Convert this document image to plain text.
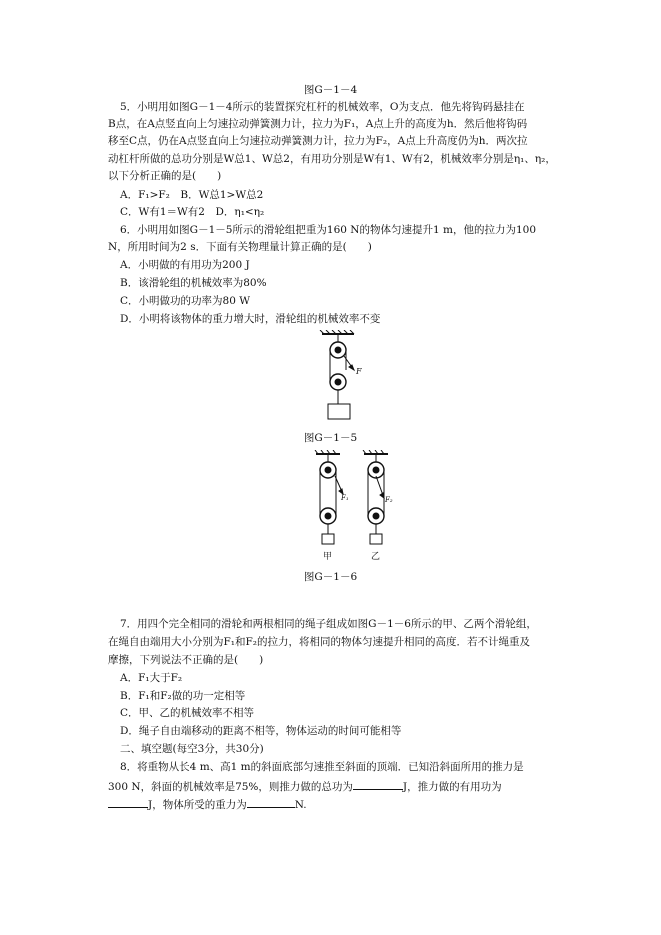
图G－1－4
5．小明用如图G－1－4所示的装置探究杠杆的机械效率，O为支点．他先将钩码悬挂在
B点，在A点竖直向上匀速拉动弹簧测力计，拉力为F₁，A点上升的高度为h．然后他将钩码
移至C点，仍在A点竖直向上匀速拉动弹簧测力计，拉力为F₂，A点上升高度仍为h．两次拉
动杠杆所做的总功分别是W总1、W总2，有用功分别是W有1、W有2，机械效率分别是η₁、η₂，
以下分析正确的是(　　)
A．F₁>F₂　B．W总1>W总2
C．W有1＝W有2　D．η₁<η₂
6．小明用如图G－1－5所示的滑轮组把重为160 N的物体匀速提升1 m，他的拉力为100
N，所用时间为2 s．下面有关物理量计算正确的是(　　)
A．小明做的有用功为200 J
B．该滑轮组的机械效率为80%
C．小明做功的功率为80 W
D．小明将该物体的重力增大时，滑轮组的机械效率不变
F
图G－1－5
F₁	F₂
甲	乙
图G－1－6
7．用四个完全相同的滑轮和两根相同的绳子组成如图G－1－6所示的甲、乙两个滑轮组，
在绳自由端用大小分别为F₁和F₂的拉力，将相同的物体匀速提升相同的高度．若不计绳重及
摩擦，下列说法不正确的是(　　)
A．F₁大于F₂
B．F₁和F₂做的功一定相等
C．甲、乙的机械效率不相等
D．绳子自由端移动的距离不相等，物体运动的时间可能相等
二、填空题(每空3分，共30分)
8．将重物从长4 m、高1 m的斜面底部匀速推至斜面的顶端．已知沿斜面所用的推力是
300 N，斜面的机械效率是75%，则推力做的总功为	J，推力做的有用功为
J，物体所受的重力为	N.
